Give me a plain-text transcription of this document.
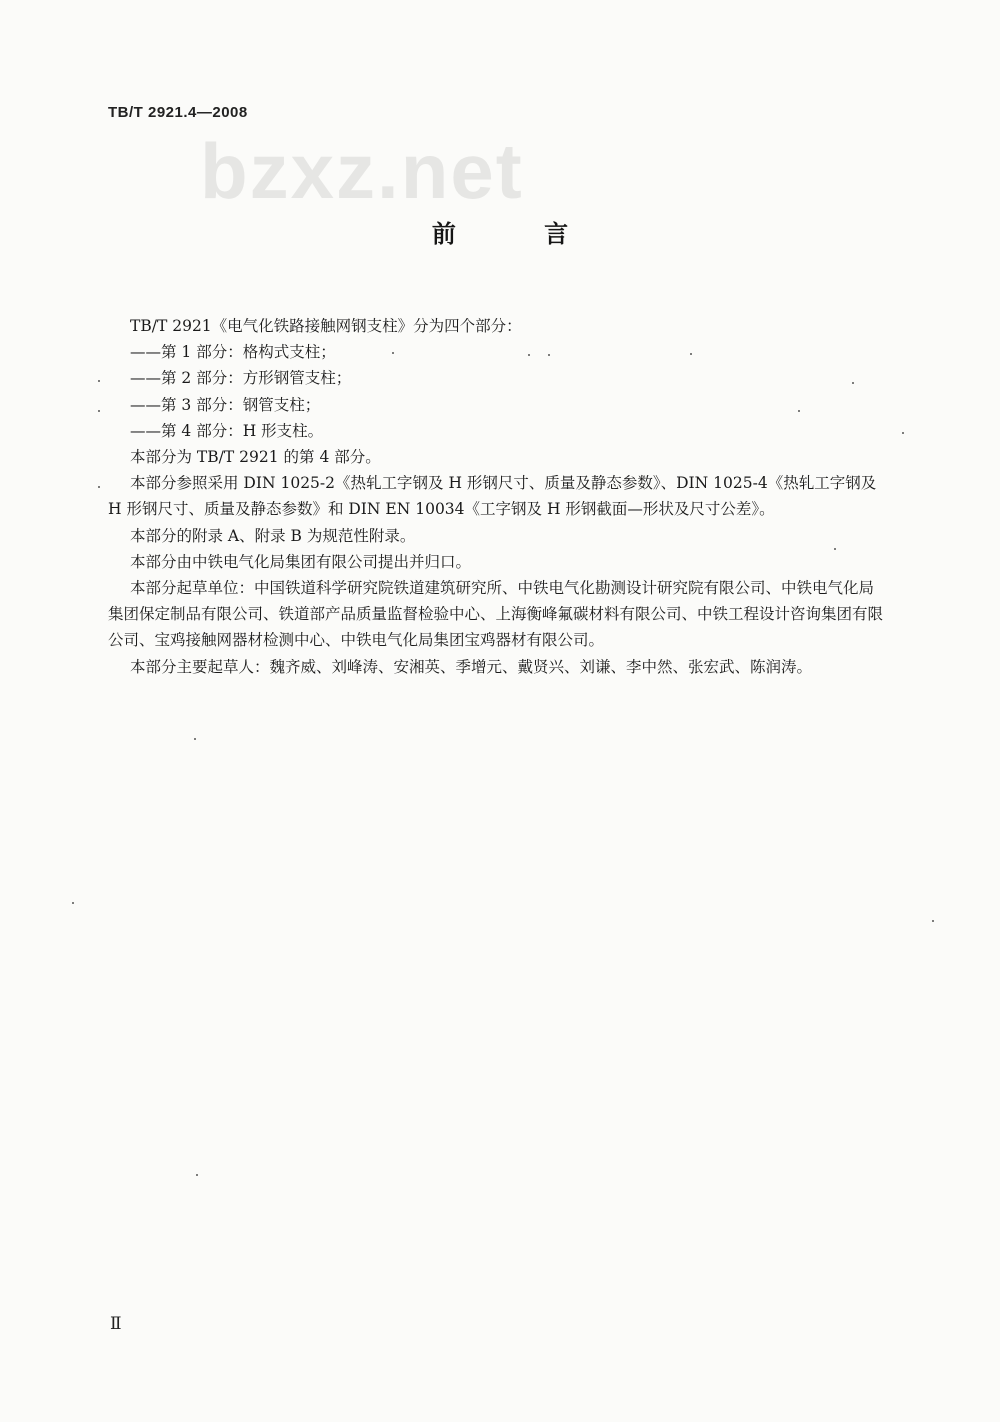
TB/T 2921.4—2008
bzxz.net
前 言

TB/T 2921《电气化铁路接触网钢支柱》分为四个部分：

——第 1 部分：格构式支柱；

——第 2 部分：方形钢管支柱；

——第 3 部分：钢管支柱；

——第 4 部分：H 形支柱。

本部分为 TB/T 2921 的第 4 部分。

本部分参照采用 DIN 1025-2《热轧工字钢及 H 形钢尺寸、质量及静态参数》、DIN 1025-4《热轧工字钢及 H 形钢尺寸、质量及静态参数》和 DIN EN 10034《工字钢及 H 形钢截面—形状及尺寸公差》。

本部分的附录 A、附录 B 为规范性附录。

本部分由中铁电气化局集团有限公司提出并归口。

本部分起草单位：中国铁道科学研究院铁道建筑研究所、中铁电气化勘测设计研究院有限公司、中铁电气化局集团保定制品有限公司、铁道部产品质量监督检验中心、上海衡峰氟碳材料有限公司、中铁工程设计咨询集团有限公司、宝鸡接触网器材检测中心、中铁电气化局集团宝鸡器材有限公司。

本部分主要起草人：魏齐威、刘峰涛、安湘英、季增元、戴贤兴、刘谦、李中然、张宏武、陈润涛。

Ⅱ
